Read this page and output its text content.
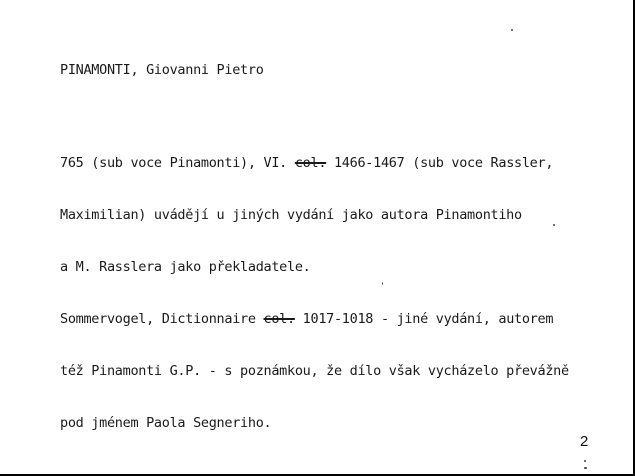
PINAMONTI, Giovanni Pietro

765 (sub voce Pinamonti), VI. col. 1466-1467 (sub voce Rassler,

Maximilian) uvádějí u jiných vydání jako autora Pinamontiho

a M. Rasslera jako překladatele.

Sommervogel, Dictionnaire col. 1017-1018 - jiné vydání, autorem

též Pinamonti G.P. - s poznámkou, že dílo však vycházelo převážně

pod jménem Paola Segneriho.

2
